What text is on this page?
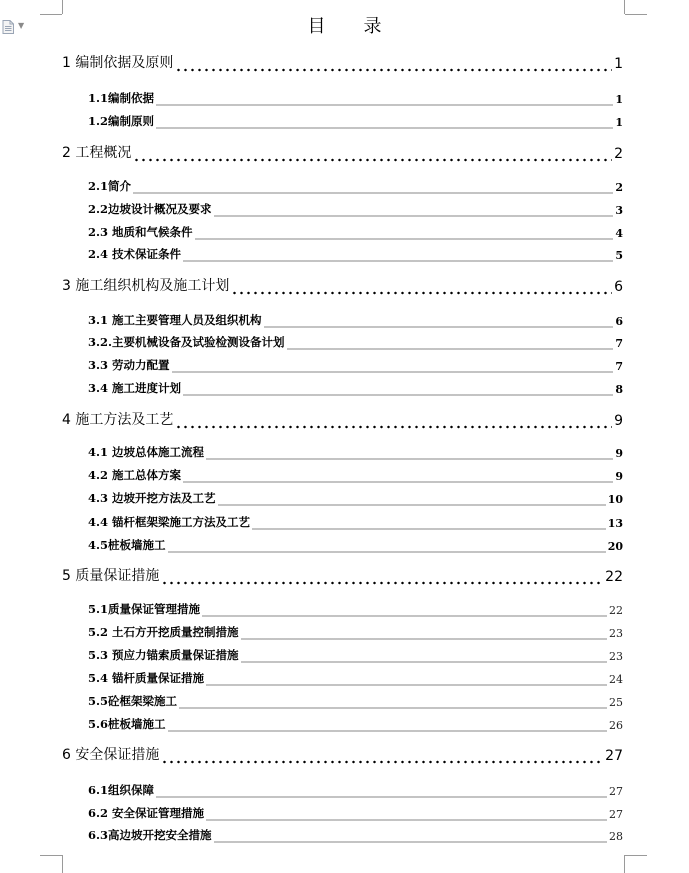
▼	目录
1 编制依据及原则	1
1.1编制依据	1
1.2编制原则	1
2 工程概况	2
2.1简介	2
2.2边坡设计概况及要求	3
2.3 地质和气候条件	4
2.4 技术保证条件	5
3 施工组织机构及施工计划	6
3.1 施工主要管理人员及组织机构	6
3.2.主要机械设备及试验检测设备计划	7
3.3 劳动力配置	7
3.4 施工进度计划	8
4 施工方法及工艺	9
4.1 边坡总体施工流程	9
4.2 施工总体方案	9
4.3 边坡开挖方法及工艺	10
4.4 锚杆框架梁施工方法及工艺	13
4.5桩板墙施工	20
5 质量保证措施	22
5.1质量保证管理措施	22
5.2 土石方开挖质量控制措施	23
5.3 预应力锚索质量保证措施	23
5.4 锚杆质量保证措施	24
5.5砼框架梁施工	25
5.6桩板墙施工	26
6 安全保证措施	27
6.1组织保障	27
6.2 安全保证管理措施	27
6.3高边坡开挖安全措施	28
